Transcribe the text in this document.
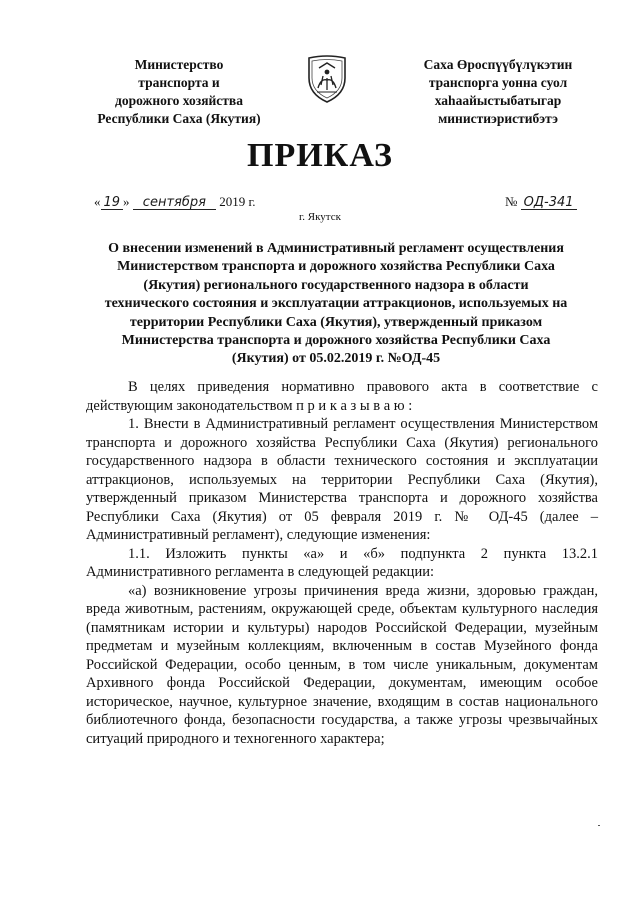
Министерство
транспорта и
дорожного хозяйства
Республики Саха (Якутия)
Саха Өроспүүбүлүкэтин
транспорга уонна суол
хаһаайыстыбатыгар
министиэристибэтэ
ПРИКАЗ
« 19 » сентября 2019 г.	№ ОД-341
г. Якутск
О внесении изменений в Административный регламент осуществления
Министерством транспорта и дорожного хозяйства Республики Саха
(Якутия) регионального государственного надзора в области
технического состояния и эксплуатации аттракционов, используемых на
территории Республики Саха (Якутия), утвержденный приказом
Министерства транспорта и дорожного хозяйства Республики Саха
(Якутия) от 05.02.2019 г. №ОД-45

В целях приведения нормативно правового акта в соответствие с действующим законодательством п р и к а з ы в а ю :

1. Внести в Административный регламент осуществления Министерством транспорта и дорожного хозяйства Республики Саха (Якутия) регионального государственного надзора в области технического состояния и эксплуатации аттракционов, используемых на территории Республики Саха (Якутия), утвержденный приказом Министерства транспорта и дорожного хозяйства Республики Саха (Якутия) от 05 февраля 2019 г. № ОД-45 (далее – Административный регламент), следующие изменения:

1.1. Изложить пункты «а» и «б» подпункта 2 пункта 13.2.1 Административного регламента в следующей редакции:

«а) возникновение угрозы причинения вреда жизни, здоровью граждан, вреда животным, растениям, окружающей среде, объектам культурного наследия (памятникам истории и культуры) народов Российской Федерации, музейным предметам и музейным коллекциям, включенным в состав Музейного фонда Российской Федерации, особо ценным, в том числе уникальным, документам Архивного фонда Российской Федерации, документам, имеющим особое историческое, научное, культурное значение, входящим в состав национального библиотечного фонда, безопасности государства, а также угрозы чрезвычайных ситуаций природного и техногенного характера;
